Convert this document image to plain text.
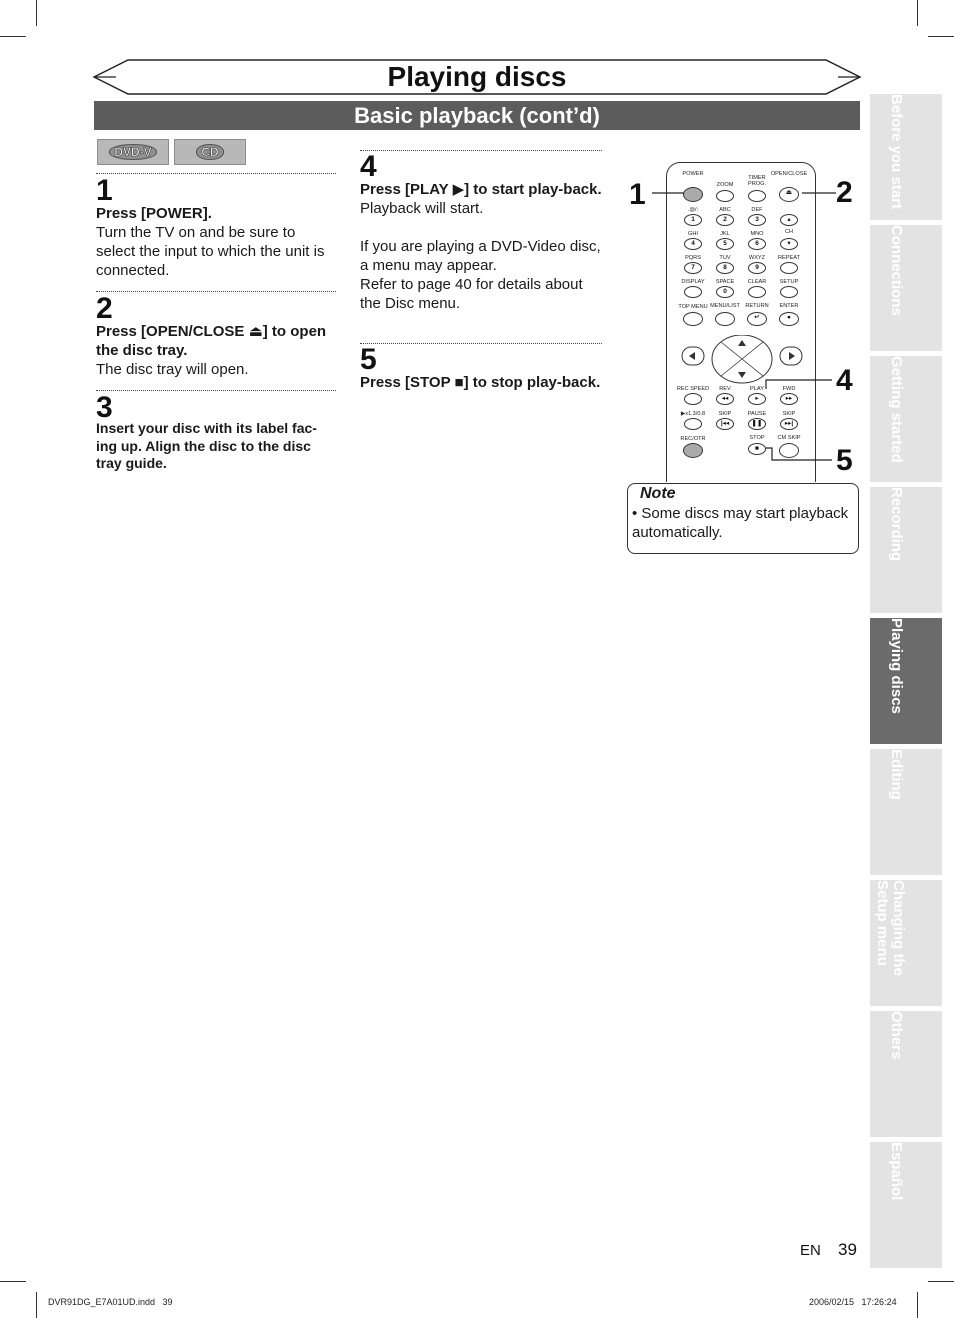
Playing discs
Basic playback (cont’d)
DVD-V	CD
1
Press [POWER].
Turn the TV on and be sure to select the input to which the unit is connected.
2
Press [OPEN/CLOSE ⏏] to open the disc tray.
The disc tray will open.
3
Insert your disc with its label fac-ing up. Align the disc to the disc tray guide.
4
Press [PLAY ▶] to start play-back.
Playback will start.
If you are playing a DVD-Video disc, a menu may appear.
Refer to page 40 for details about the Disc menu.
5
Press [STOP ■] to stop play-back.
POWER
TIMER
PROG.
OPEN/CLOSE
ZOOM
⏏
.@/:	ABC	DEF
1	2	3	▴
CH
GHI	JKL	MNO
4	5	6	▾
PQRS	TUV	WXYZ REPEAT
7	8	9
DISPLAY SPACE CLEAR SETUP
0
TOP MENU MENU/LIST RETURN ENTER
↵	●
REC SPEED REV	PLAY	FWD
◂◂	▸	▸▸
▶x1.3/0.8 SKIP	PAUSE	SKIP
|◂◂	❚❚	▸▸|
REC/OTR	STOP CM SKIP
■
1	2
4
5
Note
• Some discs may start playback automatically.
Before you start
Connections
Getting started
Recording
Playing discs
Editing
Changing the
Setup menu
Others
Español
EN 39
DVR91DG_E7A01UD.indd   39	2006/02/15   17:26:24
